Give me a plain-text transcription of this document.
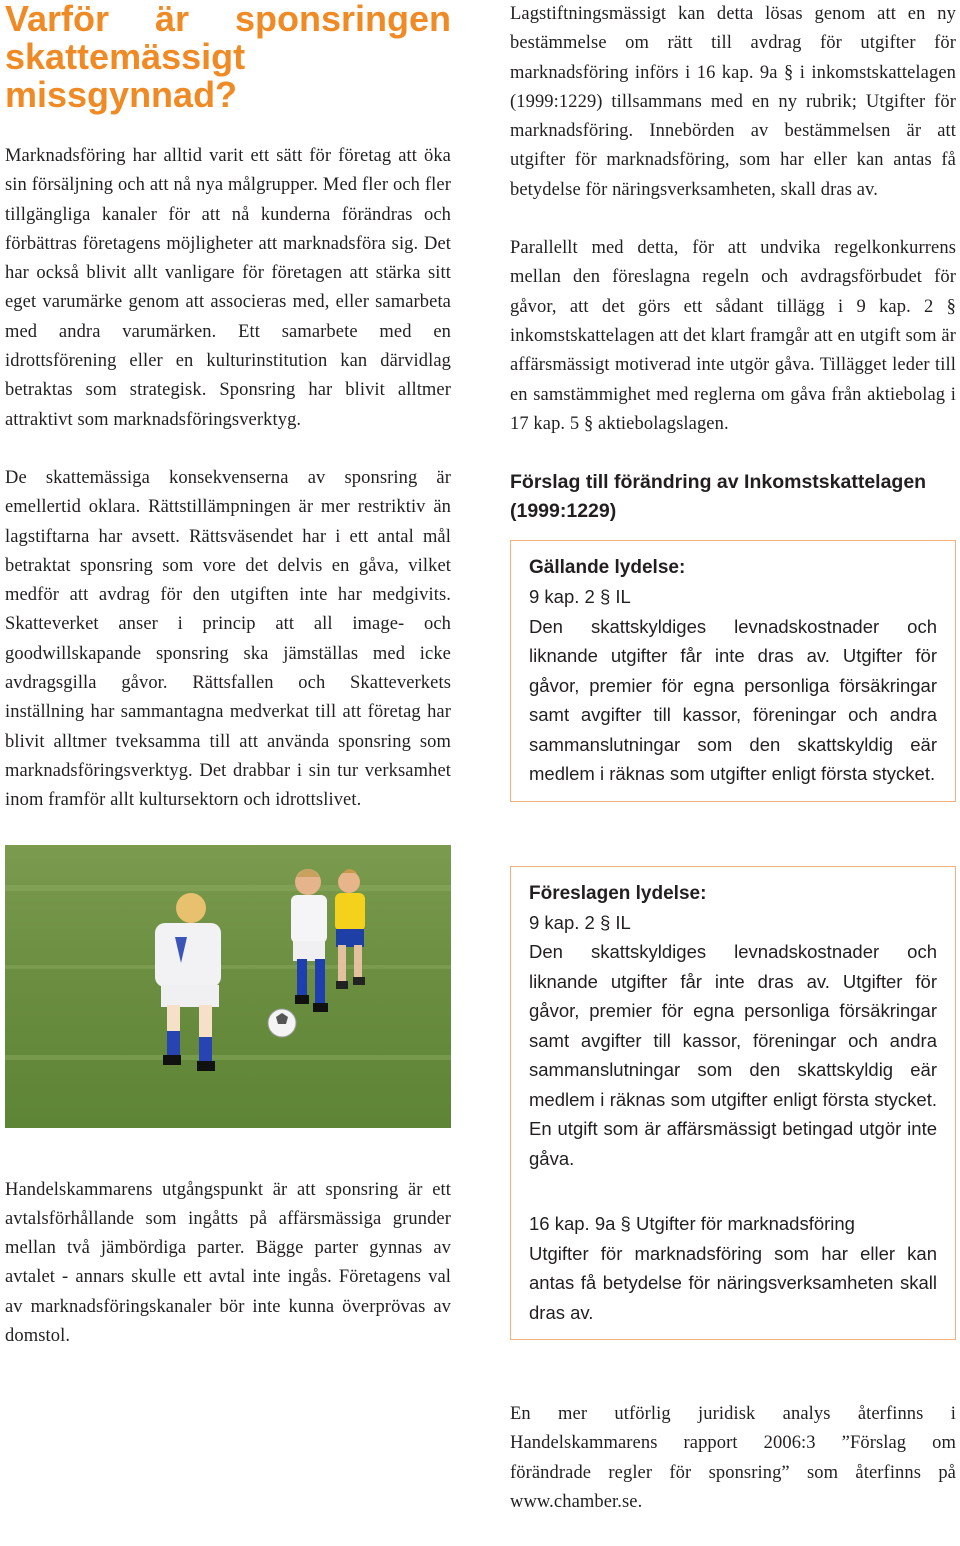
Varför är sponsringen skattemässigt missgynnad?

Marknadsföring har alltid varit ett sätt för företag att öka sin försäljning och att nå nya målgrupper. Med fler och fler tillgängliga kanaler för att nå kunderna förändras och förbättras företagens möjligheter att marknadsföra sig. Det har också blivit allt vanligare för företagen att stärka sitt eget varumärke genom att associeras med, eller samarbeta med andra varumärken. Ett samarbete med en idrottsförening eller en kulturinstitution kan därvidlag betraktas som strategisk. Sponsring har blivit alltmer attraktivt som marknadsföringsverktyg.

De skattemässiga konsekvenserna av sponsring är emellertid oklara. Rättstillämpningen är mer restriktiv än lagstiftarna har avsett. Rättsväsendet har i ett antal mål betraktat sponsring som vore det delvis en gåva, vilket medför att avdrag för den utgiften inte har medgivits. Skatteverket anser i princip att all image- och goodwillskapande sponsring ska jämställas med icke avdragsgilla gåvor. Rättsfallen och Skatteverkets inställning har sammantagna medverkat till att företag har blivit alltmer tveksamma till att använda sponsring som marknadsföringsverktyg. Det drabbar i sin tur verksamhet inom framför allt kultursektorn och idrottslivet.

Handelskammarens utgångspunkt är att sponsring är ett avtalsförhållande som ingåtts på affärsmässiga grunder mellan två jämbördiga parter. Bägge parter gynnas av avtalet - annars skulle ett avtal inte ingås. Företagens val av marknadsföringskanaler bör inte kunna överprövas av domstol.

Lagstiftningsmässigt kan detta lösas genom att en ny bestämmelse om rätt till avdrag för utgifter för marknadsföring införs i 16 kap. 9a § i inkomstskattelagen (1999:1229) tillsammans med en ny rubrik; Utgifter för marknadsföring. Innebörden av bestämmelsen är att utgifter för marknadsföring, som har eller kan antas få betydelse för näringsverksamheten, skall dras av.

Parallellt med detta, för att undvika regelkonkurrens mellan den föreslagna regeln och avdragsförbudet för gåvor, att det görs ett sådant tillägg i 9 kap. 2 § inkomstskattelagen att det klart framgår att en utgift som är affärsmässigt motiverad inte utgör gåva. Tillägget leder till en samstämmighet med reglerna om gåva från aktiebolag i 17 kap. 5 § aktiebolagslagen.

Förslag till förändring av Inkomstskattelagen (1999:1229)
Gällande lydelse:

9 kap. 2 § IL

Den skattskyldiges levnadskostnader och liknande utgifter får inte dras av. Utgifter för gåvor, premier för egna personliga försäkringar samt avgifter till kassor, föreningar och andra sammanslutningar som den skattskyldig eär medlem i räknas som utgifter enligt första stycket.

Föreslagen lydelse:

9 kap. 2 § IL

Den skattskyldiges levnadskostnader och liknande utgifter får inte dras av. Utgifter för gåvor, premier för egna personliga försäkringar samt avgifter till kassor, föreningar och andra sammanslutningar som den skattskyldig eär medlem i räknas som utgifter enligt första stycket. En utgift som är affärsmässigt betingad utgör inte gåva.

16 kap. 9a § Utgifter för marknadsföring

Utgifter för marknadsföring som har eller kan antas få betydelse för näringsverksamheten skall dras av.

En mer utförlig juridisk analys återfinns i Handelskammarens rapport 2006:3 ”Förslag om förändrade regler för sponsring” som återfinns på www.chamber.se.
